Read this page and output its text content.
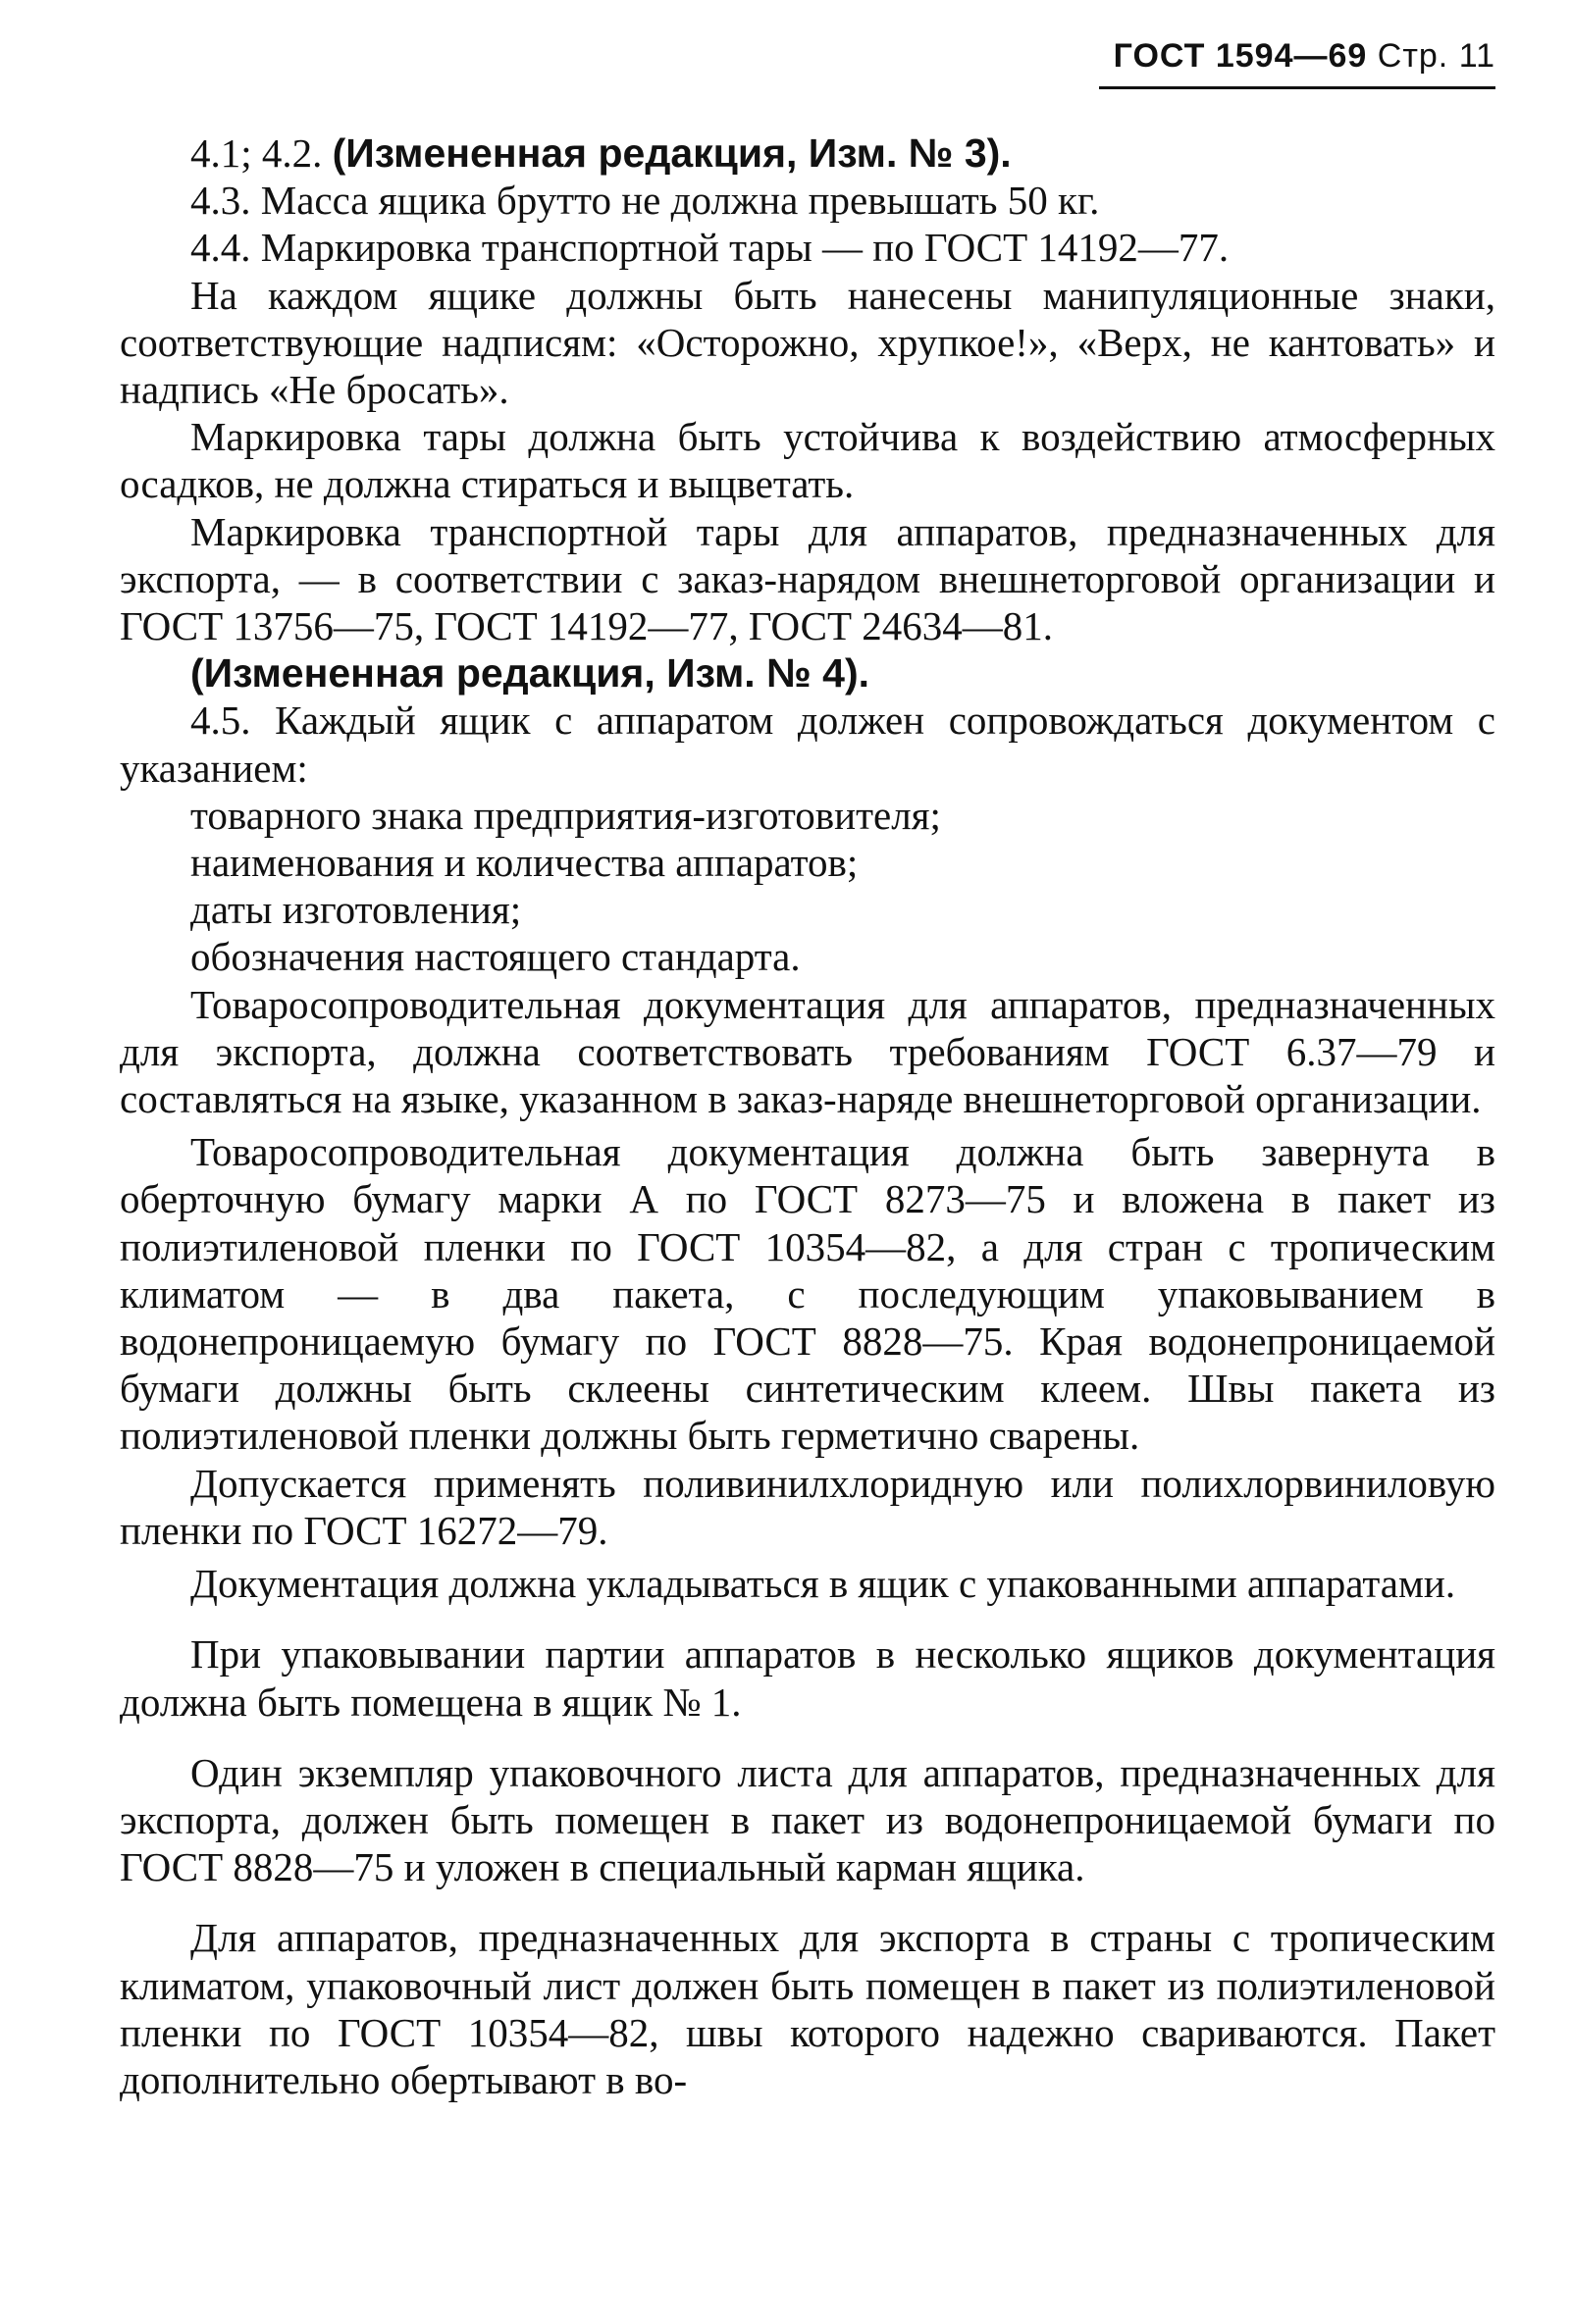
ГОСТ 1594—69 Стр. 11

4.1; 4.2. (Измененная редакция, Изм. № 3).

4.3. Масса ящика брутто не должна превышать 50 кг.

4.4. Маркировка транспортной тары — по ГОСТ 14192—77.

На каждом ящике должны быть нанесены манипуляционные знаки, соответствующие надписям: «Осторожно, хрупкое!», «Верх, не кантовать» и надпись «Не бросать».

Маркировка тары должна быть устойчива к воздействию атмосферных осадков, не должна стираться и выцветать.

Маркировка транспортной тары для аппаратов, предназначенных для экспорта, — в соответствии с заказ-нарядом внешнеторговой организации и ГОСТ 13756—75, ГОСТ 14192—77, ГОСТ 24634—81.

(Измененная редакция, Изм. № 4).

4.5. Каждый ящик с аппаратом должен сопровождаться документом с указанием:

товарного знака предприятия-изготовителя;

наименования и количества аппаратов;

даты изготовления;

обозначения настоящего стандарта.

Товаросопроводительная документация для аппаратов, предназначенных для экспорта, должна соответствовать требованиям ГОСТ 6.37—79 и составляться на языке, указанном в заказ-наряде внешнеторговой организации.

Товаросопроводительная документация должна быть завернута в оберточную бумагу марки А по ГОСТ 8273—75 и вложена в пакет из полиэтиленовой пленки по ГОСТ 10354—82, а для стран с тропическим климатом — в два пакета, с последующим упаковыванием в водонепроницаемую бумагу по ГОСТ 8828—75. Края водонепроницаемой бумаги должны быть склеены синтетическим клеем. Швы пакета из полиэтиленовой пленки должны быть герметично сварены.

Допускается применять поливинилхлоридную или полихлорвиниловую пленки по ГОСТ 16272—79.

Документация должна укладываться в ящик с упакованными аппаратами.

При упаковывании партии аппаратов в несколько ящиков документация должна быть помещена в ящик № 1.

Один экземпляр упаковочного листа для аппаратов, предназначенных для экспорта, должен быть помещен в пакет из водонепроницаемой бумаги по ГОСТ 8828—75 и уложен в специальный карман ящика.

Для аппаратов, предназначенных для экспорта в страны с тропическим климатом, упаковочный лист должен быть помещен в пакет из полиэтиленовой пленки по ГОСТ 10354—82, швы которого надежно свариваются. Пакет дополнительно обертывают в во-
